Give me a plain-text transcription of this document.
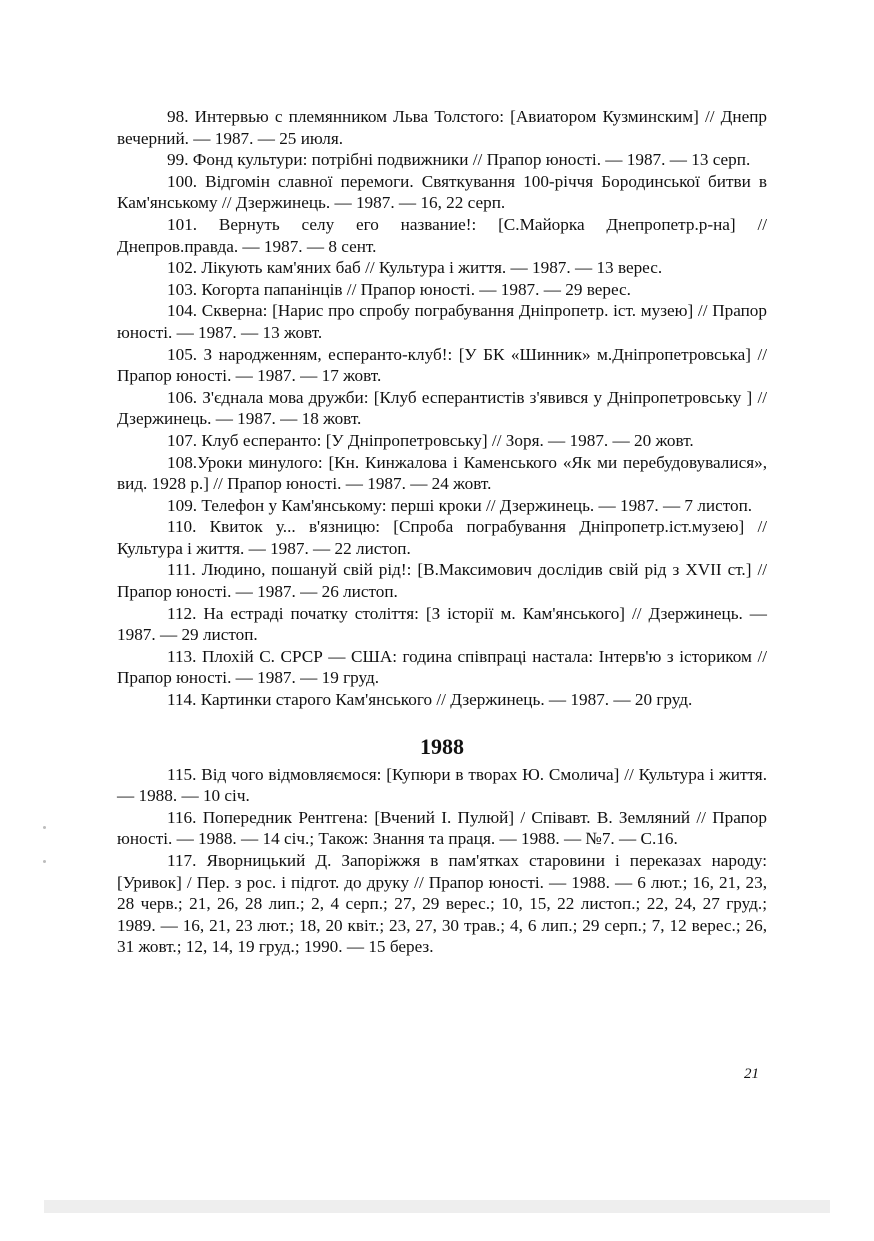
98. Интервью с племянником Льва Толстого: [Авиатором Кузминским] // Днепр вечерний. — 1987. — 25 июля.

99. Фонд культури: потрібні подвижники // Прапор юності. — 1987. — 13 серп.

100. Відгомін славної перемоги. Святкування 100-річчя Бородинської битви в Кам'янському // Дзержинець. — 1987. — 16, 22 серп.

101. Вернуть селу его название!: [С.Майорка Днепропетр.р-на] // Днепров.правда. — 1987. — 8 сент.

102. Лікують кам'яних баб // Культура і життя. — 1987. — 13 верес.

103. Когорта папанінців // Прапор юності. — 1987. — 29 верес.

104. Скверна: [Нарис про спробу пограбування Дніпропетр. іст. музею] // Прапор юності. — 1987. — 13 жовт.

105. З народженням, есперанто-клуб!: [У БК «Шинник» м.Дніпропетровська] // Прапор юності. — 1987. — 17 жовт.

106. З'єднала мова дружби: [Клуб есперантистів з'явився у Дніпропетровську ] // Дзержинець. — 1987. — 18 жовт.

107. Клуб есперанто: [У Дніпропетровську] // Зоря. — 1987. — 20 жовт.

108.Уроки минулого: [Кн. Кинжалова і Каменського «Як ми перебудовувалися», вид. 1928 р.] // Прапор юності. — 1987. — 24 жовт.

109. Телефон у Кам'янському: перші кроки // Дзержинець. — 1987. — 7 листоп.

110. Квиток у... в'язницю: [Спроба пограбування Дніпропетр.іст.музею] // Культура і життя. — 1987. — 22 листоп.

111. Людино, пошануй свій рід!: [В.Максимович дослідив свій рід з XVII ст.] // Прапор юності. — 1987. — 26 листоп.

112. На естраді початку століття: [З історії м. Кам'янського] // Дзержинець. — 1987. — 29 листоп.

113. Плохій С. СРСР — США: година співпраці настала: Інтерв'ю з істориком // Прапор юності. — 1987. — 19 груд.

114. Картинки старого Кам'янського // Дзержинець. — 1987. — 20 груд.

1988

115. Від чого відмовляємося: [Купюри в творах Ю. Смолича] // Культура і життя. — 1988. — 10 січ.

116. Попередник Рентгена: [Вчений І. Пулюй] / Співавт. В. Земляний // Прапор юності. — 1988. — 14 січ.; Також: Знання та праця. — 1988. — №7. — С.16.

117. Яворницький Д. Запоріжжя в пам'ятках старовини і переказах народу: [Уривок] / Пер. з рос. і підгот. до друку // Прапор юності. — 1988. — 6 лют.; 16, 21, 23, 28 черв.; 21, 26, 28 лип.; 2, 4 серп.; 27, 29 верес.; 10, 15, 22 листоп.; 22, 24, 27 груд.; 1989. — 16, 21, 23 лют.; 18, 20 квіт.; 23, 27, 30 трав.; 4, 6 лип.; 29 серп.; 7, 12 верес.; 26, 31 жовт.; 12, 14, 19 груд.; 1990. — 15 берез.

21
